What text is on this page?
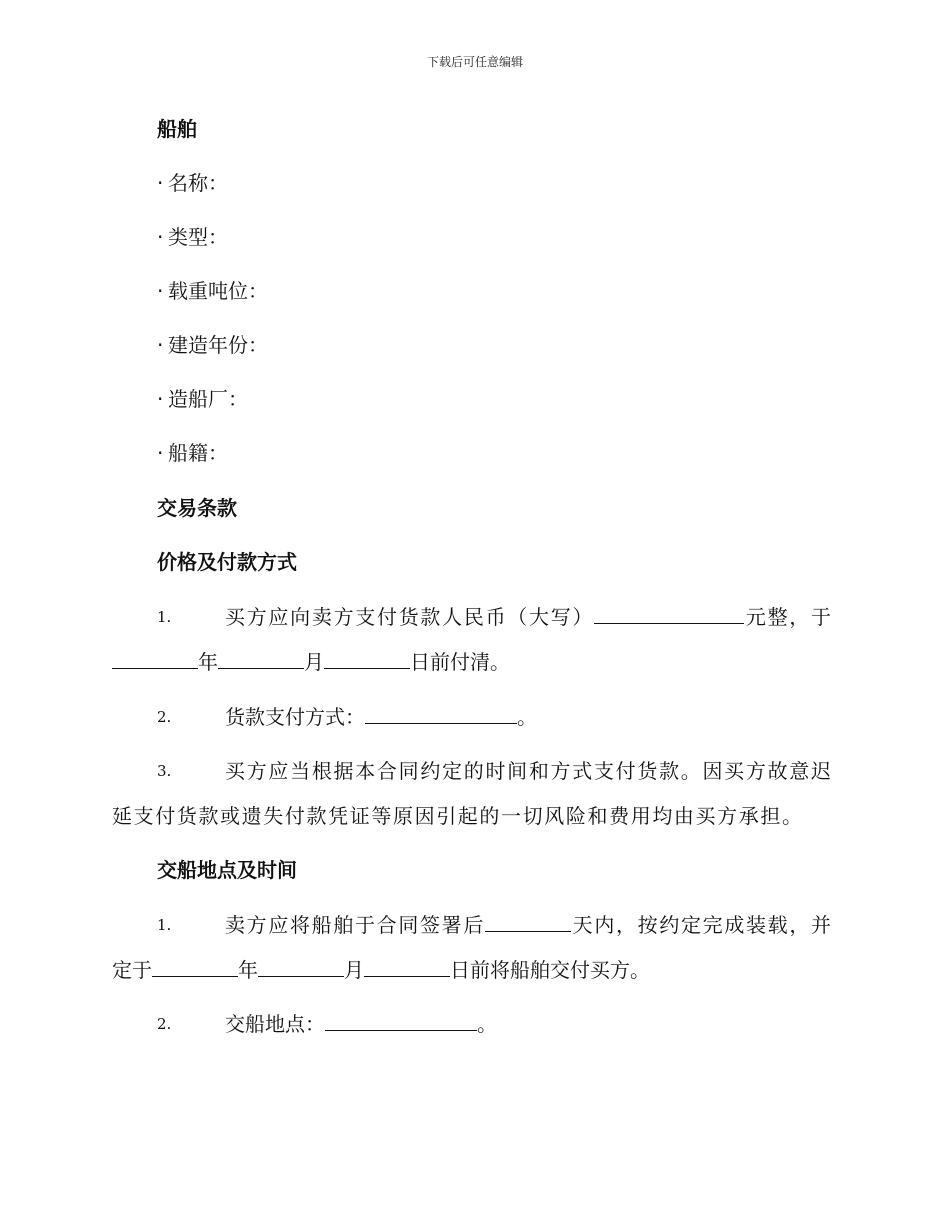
下载后可任意编辑
船舶
· 名称：
· 类型：
· 载重吨位：
· 建造年份：
· 造船厂：
· 船籍：
交易条款
价格及付款方式
1.	买方应向卖方支付货款人民币（大写）	元整，于
年	月	日前付清。
2.	货款支付方式：	。
3.	买方应当根据本合同约定的时间和方式支付货款。因买方故意迟
延支付货款或遗失付款凭证等原因引起的一切风险和费用均由买方承担。
交船地点及时间
1.	卖方应将船舶于合同签署后	天内，按约定完成装载，并
定于	年	月	日前将船舶交付买方。
2.	交船地点：	。
